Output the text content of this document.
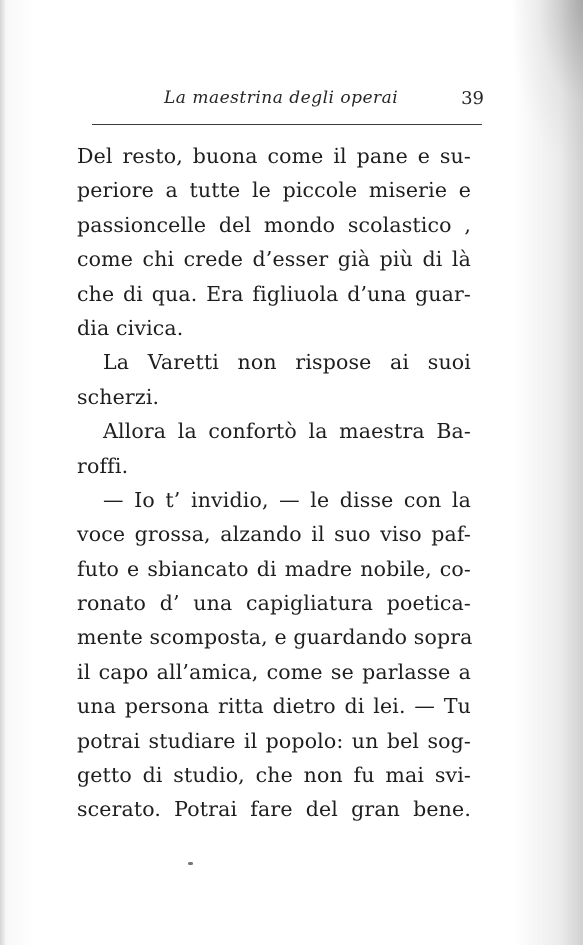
La maestrina degli operai	39
Del resto, buona come il pane e su-
periore a tutte le piccole miserie e
passioncelle del mondo scolastico ,
come chi crede d’esser già più di là
che di qua. Era figliuola d’una guar-
dia civica.
La Varetti non rispose ai suoi
scherzi.
Allora la confortò la maestra Ba-
roffi.
— Io t’ invidio, — le disse con la
voce grossa, alzando il suo viso paf-
futo e sbiancato di madre nobile, co-
ronato d’ una capigliatura poetica-
mente scomposta, e guardando sopra
il capo all’amica, come se parlasse a
una persona ritta dietro di lei. — Tu
potrai studiare il popolo: un bel sog-
getto di studio, che non fu mai svi-
scerato. Potrai fare del gran bene.
